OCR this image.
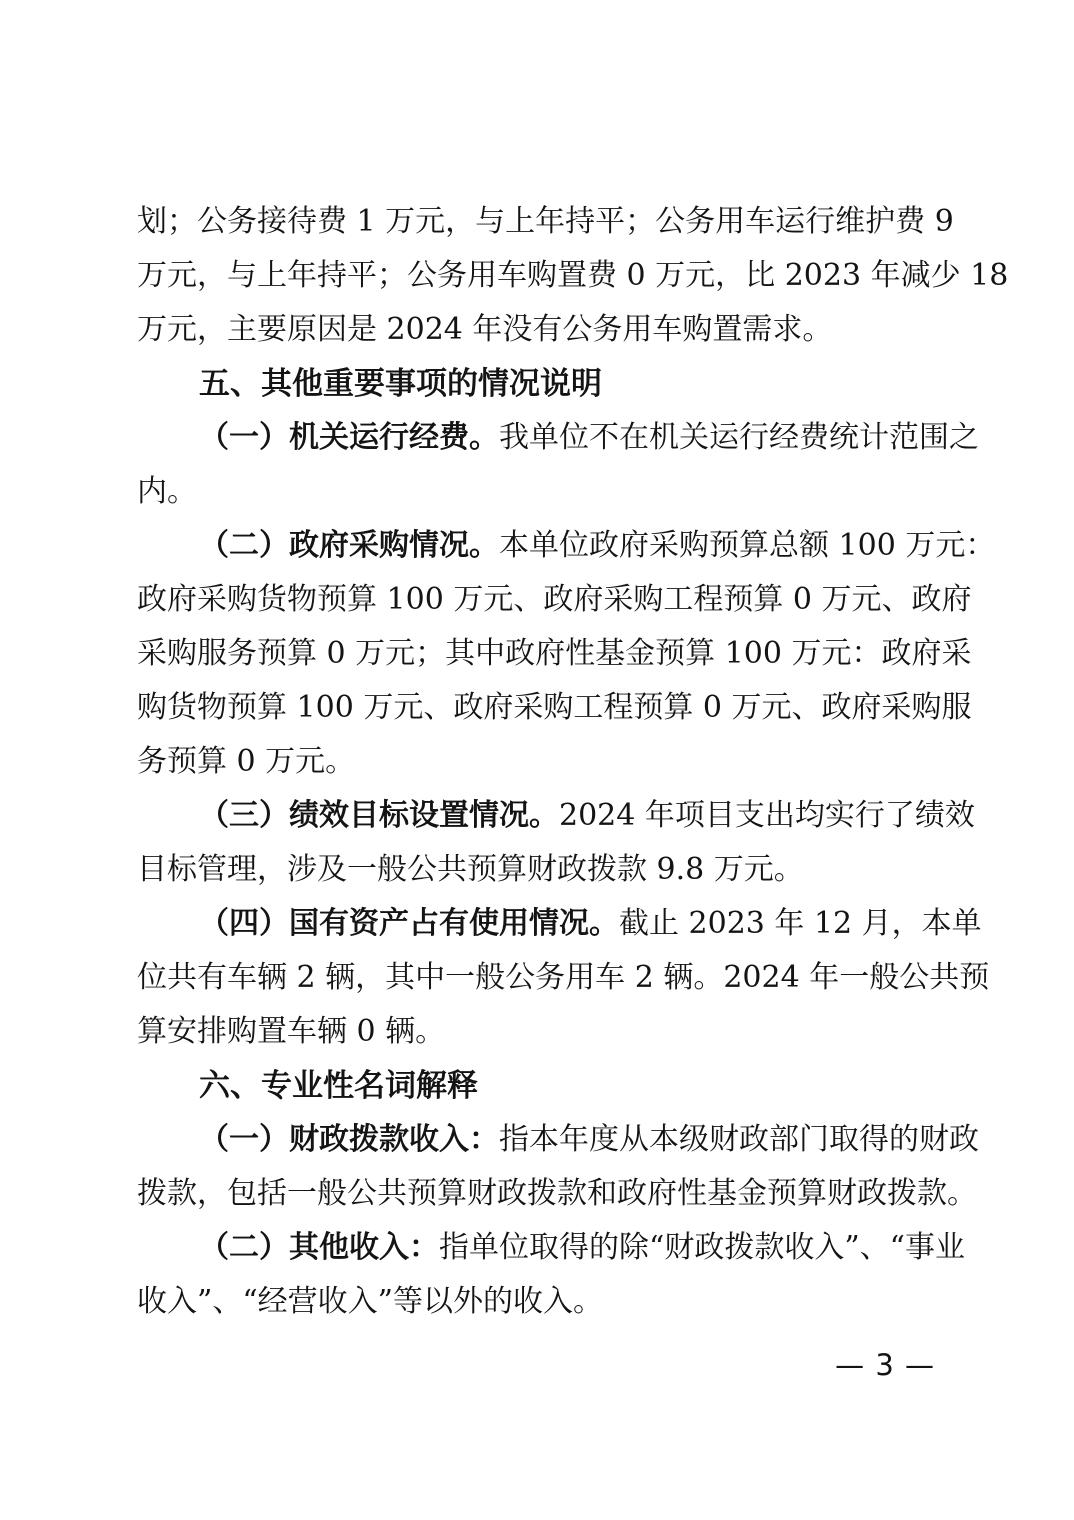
划；公务接待费 1 万元，与上年持平；公务用车运行维护费 9
万元，与上年持平；公务用车购置费 0 万元，比 2023 年减少 18
万元，主要原因是 2024 年没有公务用车购置需求。
五、其他重要事项的情况说明
（一）机关运行经费。我单位不在机关运行经费统计范围之
内。
（二）政府采购情况。本单位政府采购预算总额 100 万元：
政府采购货物预算 100 万元、政府采购工程预算 0 万元、政府
采购服务预算 0 万元；其中政府性基金预算 100 万元：政府采
购货物预算 100 万元、政府采购工程预算 0 万元、政府采购服
务预算 0 万元。
（三）绩效目标设置情况。2024 年项目支出均实行了绩效
目标管理，涉及一般公共预算财政拨款 9.8 万元。
（四）国有资产占有使用情况。截止 2023 年 12 月，本单
位共有车辆 2 辆，其中一般公务用车 2 辆。2024 年一般公共预
算安排购置车辆 0 辆。
六、专业性名词解释
（一）财政拨款收入：指本年度从本级财政部门取得的财政
拨款，包括一般公共预算财政拨款和政府性基金预算财政拨款。
（二）其他收入：指单位取得的除“财政拨款收入”、“事业
收入”、“经营收入”等以外的收入。
— 3 —
